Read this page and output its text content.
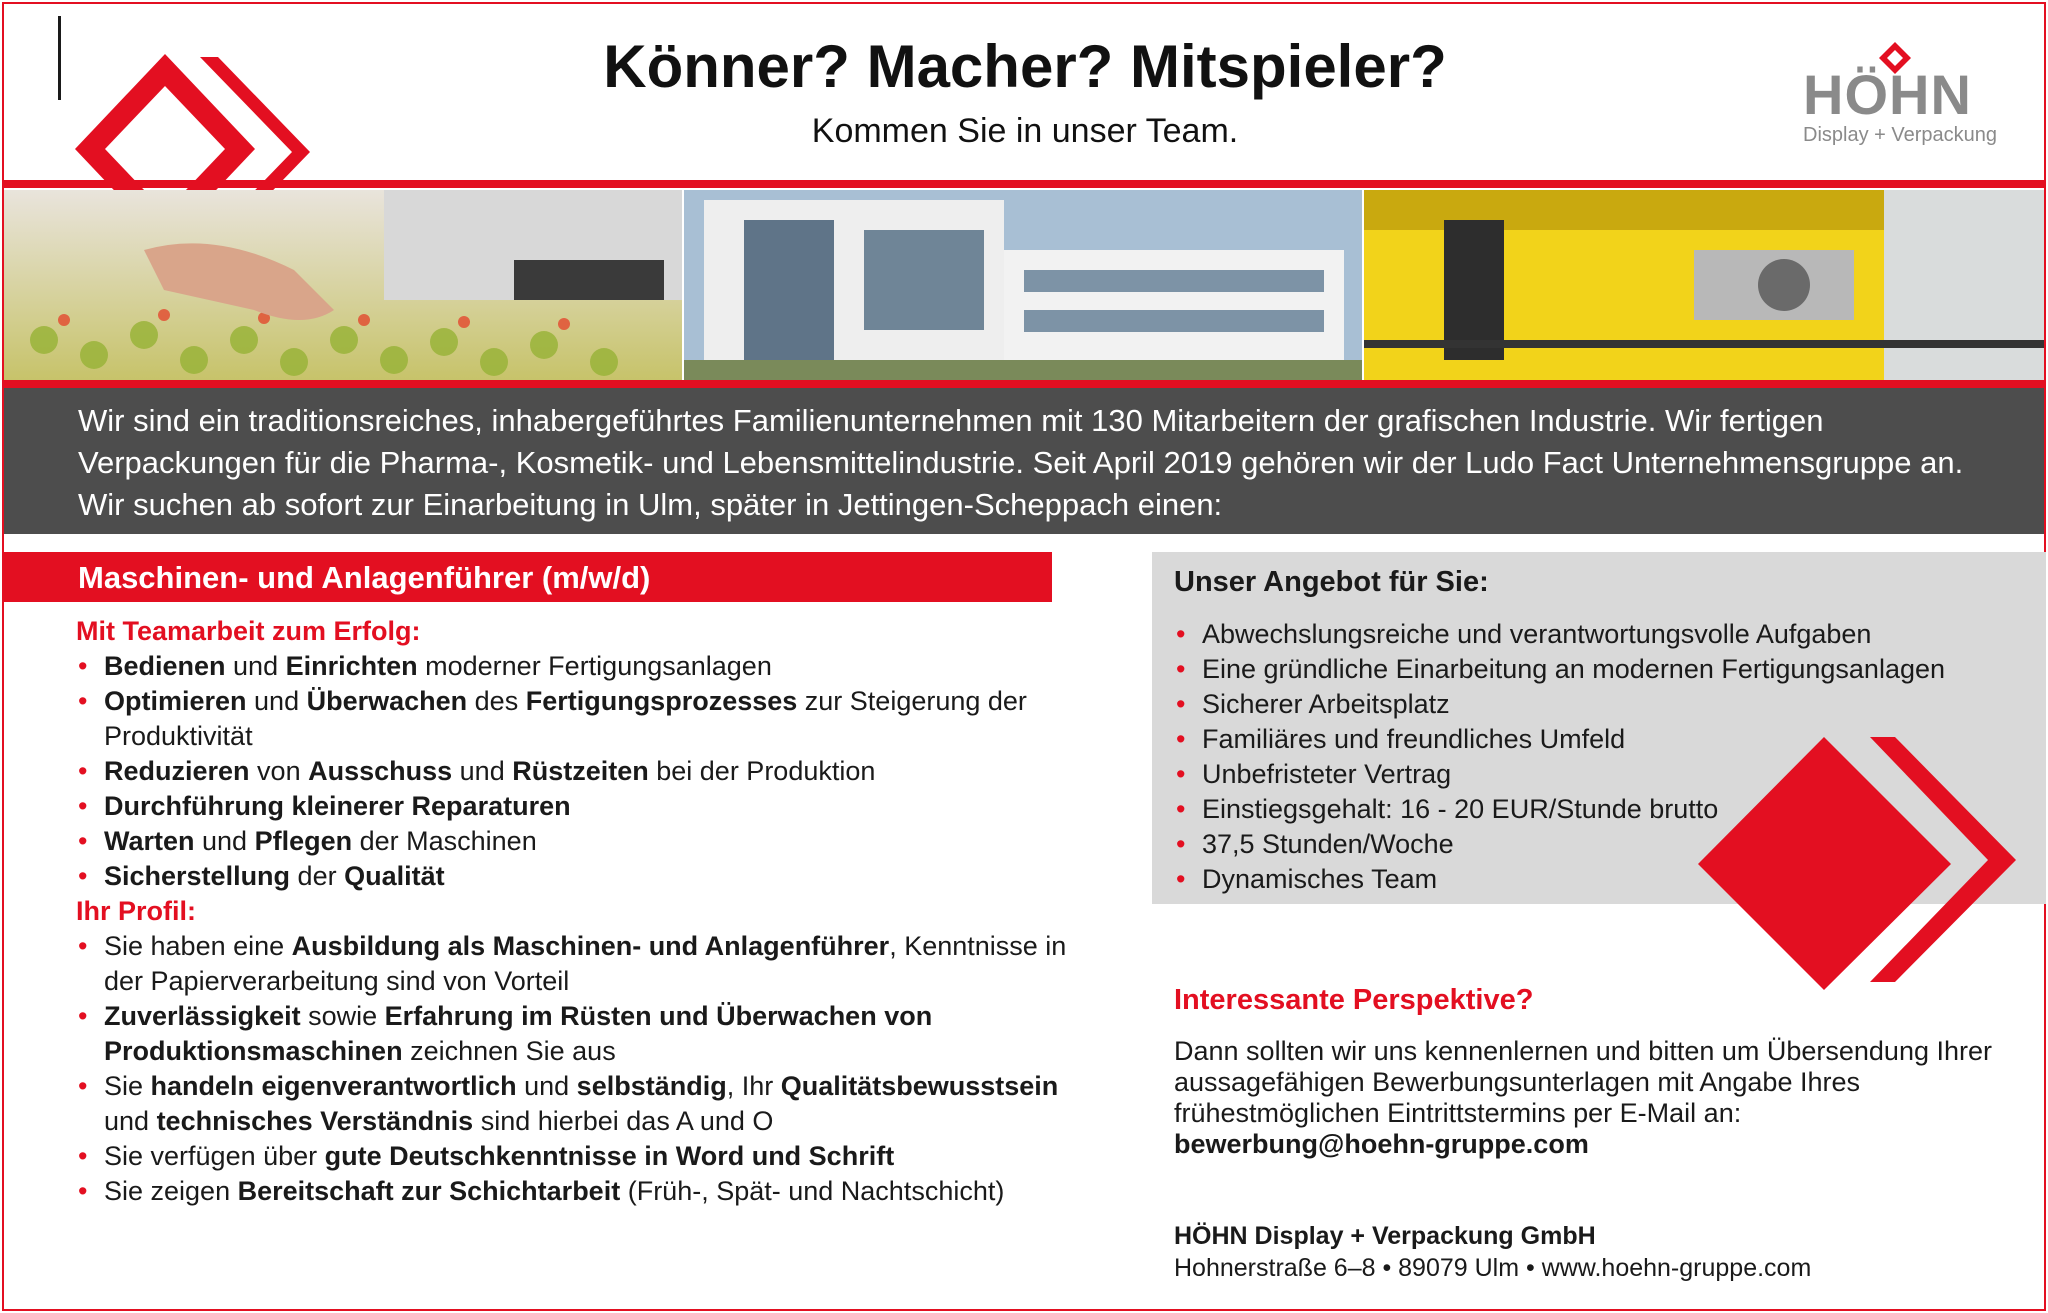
Könner? Macher? Mitspieler?
Kommen Sie in unser Team.
HÖHN
Display + Verpackung
Wir sind ein traditionsreiches, inhabergeführtes Familienunternehmen mit 130 Mitarbeitern der grafischen Industrie. Wir fertigen Verpackungen für die Pharma-, Kosmetik- und Lebensmittelindustrie. Seit April 2019 gehören wir der Ludo Fact Unternehmensgruppe an. Wir suchen ab sofort zur Einarbeitung in Ulm, später in Jettingen-Scheppach einen:
Maschinen- und Anlagenführer (m/w/d)
Mit Teamarbeit zum Erfolg:
• Bedienen und Einrichten moderner Fertigungsanlagen
• Optimieren und Überwachen des Fertigungsprozesses zur Steigerung der Produktivität
• Reduzieren von Ausschuss und Rüstzeiten bei der Produktion
• Durchführung kleinerer Reparaturen
• Warten und Pflegen der Maschinen
• Sicherstellung der Qualität
Ihr Profil:
• Sie haben eine Ausbildung als Maschinen- und Anlagenführer, Kenntnisse in der Papierverarbeitung sind von Vorteil
• Zuverlässigkeit sowie Erfahrung im Rüsten und Überwachen von Produktionsmaschinen zeichnen Sie aus
• Sie handeln eigenverantwortlich und selbständig, Ihr Qualitätsbewusstsein und technisches Verständnis sind hierbei das A und O
• Sie verfügen über gute Deutschkenntnisse in Word und Schrift
• Sie zeigen Bereitschaft zur Schichtarbeit (Früh-, Spät- und Nachtschicht)
Unser Angebot für Sie:
• Abwechslungsreiche und verantwortungsvolle Aufgaben
• Eine gründliche Einarbeitung an modernen Fertigungsanlagen
• Sicherer Arbeitsplatz
• Familiäres und freundliches Umfeld
• Unbefristeter Vertrag
• Einstiegsgehalt: 16 - 20 EUR/Stunde brutto
• 37,5 Stunden/Woche
• Dynamisches Team
Interessante Perspektive?
Dann sollten wir uns kennenlernen und bitten um Übersendung Ihrer aussagefähigen Bewerbungsunterlagen mit Angabe Ihres frühestmöglichen Eintrittstermins per E-Mail an:
bewerbung@hoehn-gruppe.com
HÖHN Display + Verpackung GmbH
Hohnerstraße 6–8 • 89079 Ulm • www.hoehn-gruppe.com
